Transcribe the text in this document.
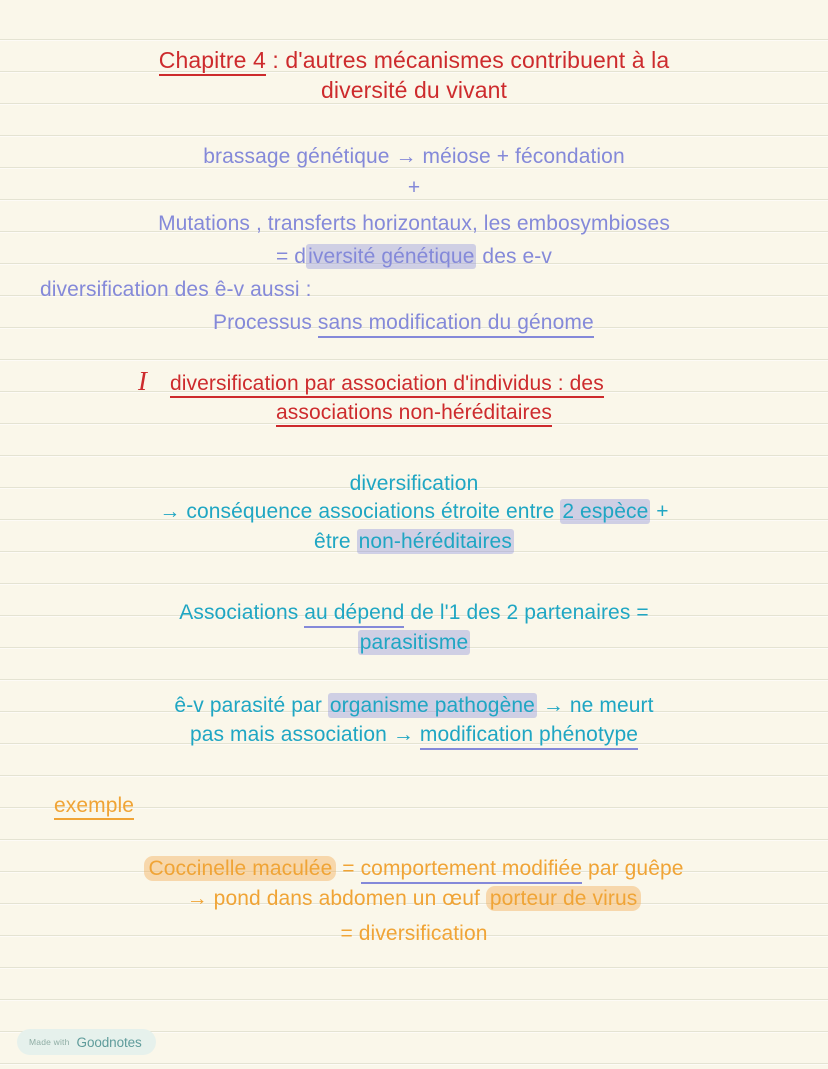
Chapitre 4 : d'autres mécanismes contribuent à la
diversité du vivant
brassage génétique → méiose + fécondation
+
Mutations , transferts horizontaux, les embosymbioses
= diversité génétique des e-v
diversification des ê-v aussi :
Processus sans modification du génome
I diversification par association d'individus : des
associations non-héréditaires
diversification
→ conséquence associations étroite entre 2 espèce +
être non-héréditaires
Associations au dépend de l'1 des 2 partenaires =
parasitisme
ê-v parasité par organisme pathogène → ne meurt
pas mais association → modification phénotype
exemple
Coccinelle maculée = comportement modifiée par guêpe
→ pond dans abdomen un œuf porteur de virus
= diversification
Made with Goodnotes
